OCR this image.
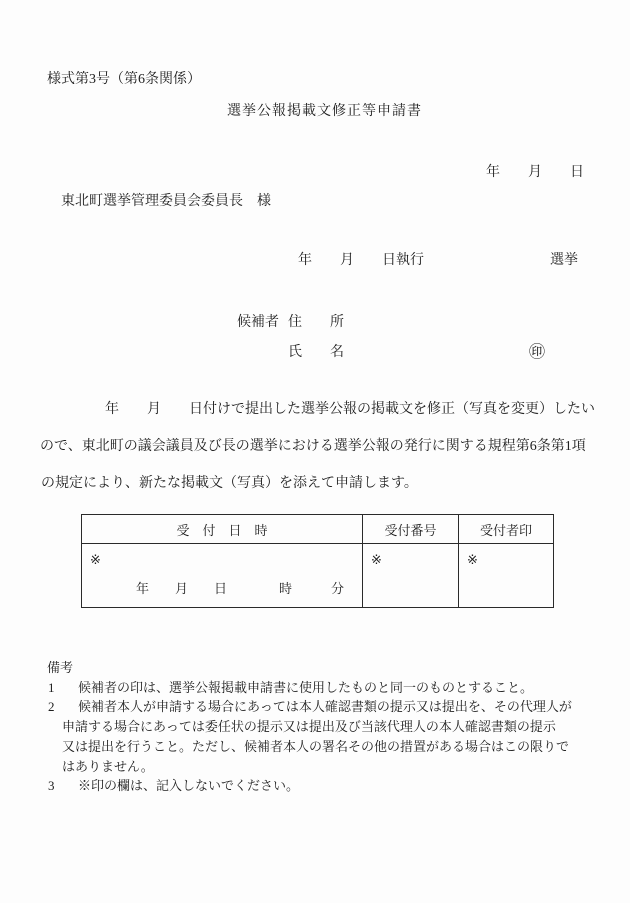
様式第3号（第6条関係）
選挙公報掲載文修正等申請書
年　　月　　日
東北町選挙管理委員会委員長　様
年　　月　　日執行	選挙
候補者 住　　所
氏　　名	㊞
年　　月　　日付けで提出した選挙公報の掲載文を修正（写真を変更）したい
ので、東北町の議会議員及び長の選挙における選挙公報の発行に関する規程第6条第1項
の規定により、新たな掲載文（写真）を添えて申請します。
受　付　日　時	受付番号	受付者印
※
年　　月　　日　　　　時　　　分
※	※
備考
1 候補者の印は、選挙公報掲載申請書に使用したものと同一のものとすること。
2 候補者本人が申請する場合にあっては本人確認書類の提示又は提出を、その代理人が
申請する場合にあっては委任状の提示又は提出及び当該代理人の本人確認書類の提示
又は提出を行うこと。ただし、候補者本人の署名その他の措置がある場合はこの限りで
はありません。
3 ※印の欄は、記入しないでください。
